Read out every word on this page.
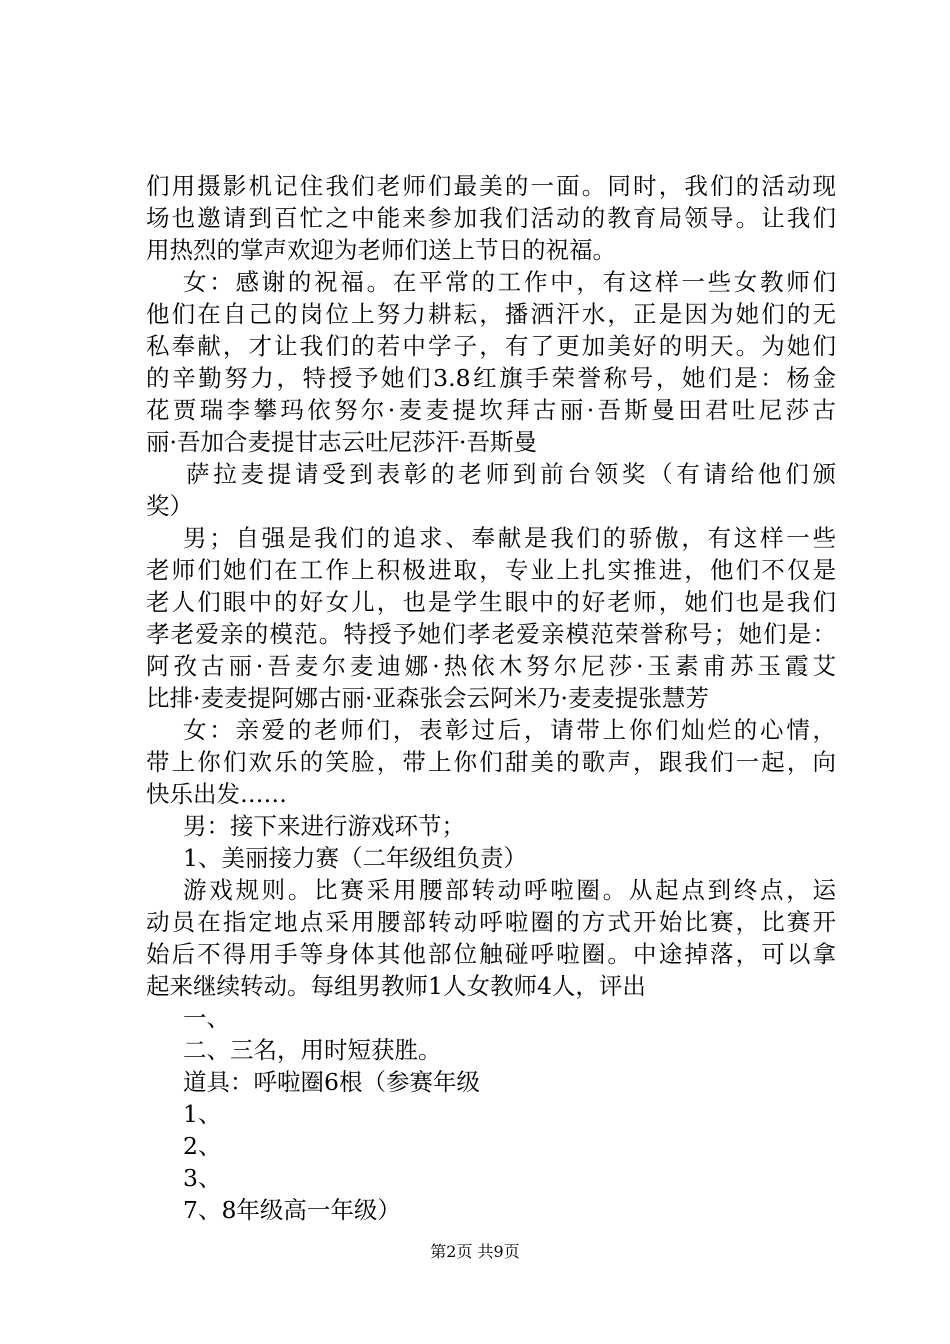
们用摄影机记住我们老师们最美的一面。同时，我们的活动现
场也邀请到百忙之中能来参加我们活动的教育局领导。让我们
用热烈的掌声欢迎为老师们送上节日的祝福。
女：感谢的祝福。在平常的工作中，有这样一些女教师们
他们在自己的岗位上努力耕耘，播洒汗水，正是因为她们的无
私奉献，才让我们的若中学子，有了更加美好的明天。为她们
的辛勤努力，特授予她们3.8红旗手荣誉称号，她们是：杨金
花贾瑞李攀玛依努尔·麦麦提坎拜古丽·吾斯曼田君吐尼莎古
丽·吾加合麦提甘志云吐尼莎汗·吾斯曼
萨拉麦提请受到表彰的老师到前台领奖（有请给他们颁
奖）
男；自强是我们的追求、奉献是我们的骄傲，有这样一些
老师们她们在工作上积极进取，专业上扎实推进，他们不仅是
老人们眼中的好女儿，也是学生眼中的好老师，她们也是我们
孝老爱亲的模范。特授予她们孝老爱亲模范荣誉称号；她们是：
阿孜古丽·吾麦尔麦迪娜·热依木努尔尼莎·玉素甫苏玉霞艾
比排·麦麦提阿娜古丽·亚森张会云阿米乃·麦麦提张慧芳
女：亲爱的老师们，表彰过后，请带上你们灿烂的心情，
带上你们欢乐的笑脸，带上你们甜美的歌声，跟我们一起，向
快乐出发……
男：接下来进行游戏环节；
1、美丽接力赛（二年级组负责）
游戏规则。比赛采用腰部转动呼啦圈。从起点到终点，运
动员在指定地点采用腰部转动呼啦圈的方式开始比赛，比赛开
始后不得用手等身体其他部位触碰呼啦圈。中途掉落，可以拿
起来继续转动。每组男教师1人女教师4人，评出
一、
二、三名，用时短获胜。
道具：呼啦圈6根（参赛年级
1、
2、
3、
7、8年级高一年级）
第2页 共9页
